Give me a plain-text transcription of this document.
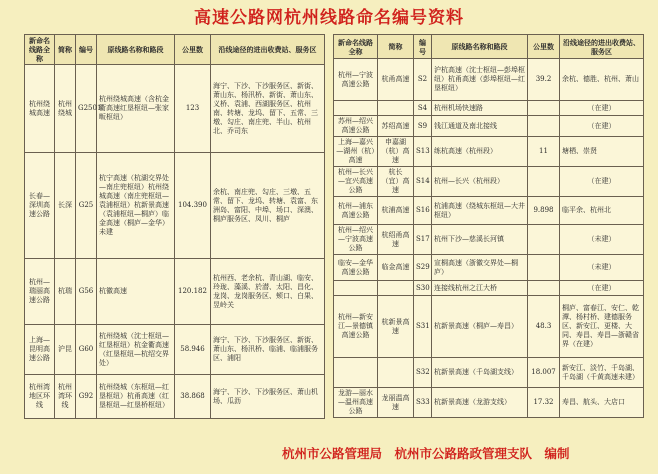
高速公路网杭州线路命名编号资料
新命名线路全称	简称	编号	原线路名称和路段	公里数	沿线途径的进出收费站、服务区
杭州绕城高速	杭州绕城	G2501	杭州绕城高速（含杭金衢高速红垦枢纽—张家畈枢纽）	123	海宁、下沙、下沙服务区、新街、萧山东、杨汛桥、新街、萧山东、义桥、袁浦、西湖服务区、杭州南、转塘、龙坞、留下、五常、三墩、勾庄、南庄兜、半山、杭州北、乔司东
长春—深圳高速公路	长深	G25	杭宁高速（杭湖交界处—南庄兜枢纽）杭州绕城高速（南庄兜枢纽—袁浦枢纽）杭新景高速（袁浦枢纽—桐庐）临金高速（桐庐—金华）未建	104.390	余杭、南庄兜、勾庄、三墩、五常、留下、龙坞、转塘、袁富、东洲岛、富阳、中埠、场口、深澳、桐庐服务区、凤川、桐庐
杭州—瑞丽高速公路	杭瑞	G56	杭徽高速	120.182	杭州西、老余杭、青山湖、临安、玲珑、藻溪、於潜、太阳、昌化、龙岗、龙岗服务区、颊口、白果、昱岭关
上海—昆明高速公路	沪昆	G60	杭州绕城（沈士枢纽—红垦枢纽）杭金衢高速（红垦枢纽—杭绍交界处）	58.946	海宁、下沙、下沙服务区、新街、萧山东、杨汛桥、临浦、临浦服务区、浦阳
杭州湾地区环线	杭州湾环线	G92	杭州绕城（东枢纽—红垦枢纽）杭甬高速（红垦枢纽—红垦桥枢纽）	38.868	海宁、下沙、下沙服务区、萧山机场、瓜沥
新命名线路全称	简称	编号	原线路名称和路段	公里数	沿线途径的进出收费站、服务区
杭州—宁波高速公路	杭甬高速	S2	沪杭高速（沈士枢纽—彭埠枢纽）杭甬高速（彭埠枢纽—红垦枢纽）	39.2	余杭、德胜、杭州、萧山
		S4	杭州机场快速路		（在建）
苏州—绍兴高速公路	苏绍高速	S9	钱江通道及南北接线		（在建）
上海—嘉兴—湖州（杭）高速	申嘉湖（杭）高速	S13	练杭高速（杭州段）	11	塘栖、崇贤
杭州—长兴—宜兴高速公路	杭长（宜）高速	S14	杭州—长兴（杭州段）		（在建）
杭州—浦东高速公路	杭浦高速	S16	杭浦高速（绕城东枢纽—大井枢纽）	9.898	临平余、杭州北
杭州—绍兴—宁波高速公路	杭绍甬高速	S17	杭州下沙—慈溪长河镇		（未建）
临安—金华高速公路	临金高速	S29	宣桐高速（浙徽交界处—桐庐）		（未建）
		S30	连接线杭州之江大桥		（在建）
杭州—新安江—景德镇高速公路	杭新景高速	S31	杭新景高速（桐庐—寿昌）	48.3	桐庐、富春江、安仁、乾潭、杨村桥、建德服务区、新安江、更楼、大同、寿昌、寿昌—浙赣省界（在建）
		S32	杭新景高速（千岛湖支线）	18.007	新安江、淡竹、千岛湖、千岛湖（千黄高速未建）
龙游—丽水—温州高速公路	龙丽温高速	S33	杭新景高速（龙游支线）	17.32	寿昌、航头、大店口
杭州市公路管理局　杭州市公路路政管理支队　编制
